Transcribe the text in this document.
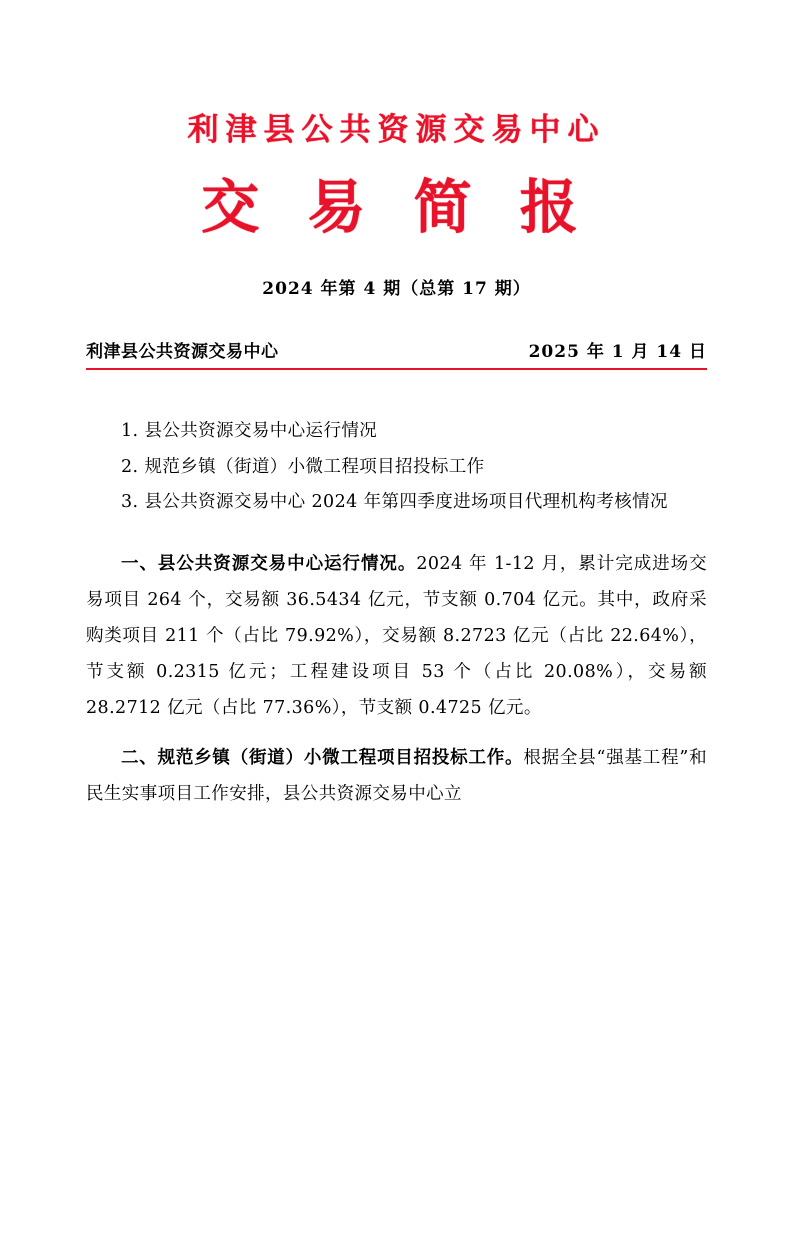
利津县公共资源交易中心
交 易 简 报
2024 年第 4 期（总第 17 期）
利津县公共资源交易中心	2025 年 1 月 14 日
1. 县公共资源交易中心运行情况
2. 规范乡镇（街道）小微工程项目招投标工作
3. 县公共资源交易中心 2024 年第四季度进场项目代理机构考核情况
一、县公共资源交易中心运行情况。2024 年 1-12 月，累计完成进场交易项目 264 个，交易额 36.5434 亿元，节支额 0.704 亿元。其中，政府采购类项目 211 个（占比 79.92%），交易额 8.2723 亿元（占比 22.64%），节支额 0.2315 亿元；工程建设项目 53 个（占比 20.08%），交易额 28.2712 亿元（占比 77.36%），节支额 0.4725 亿元。
二、规范乡镇（街道）小微工程项目招投标工作。根据全县“强基工程”和民生实事项目工作安排，县公共资源交易中心立
